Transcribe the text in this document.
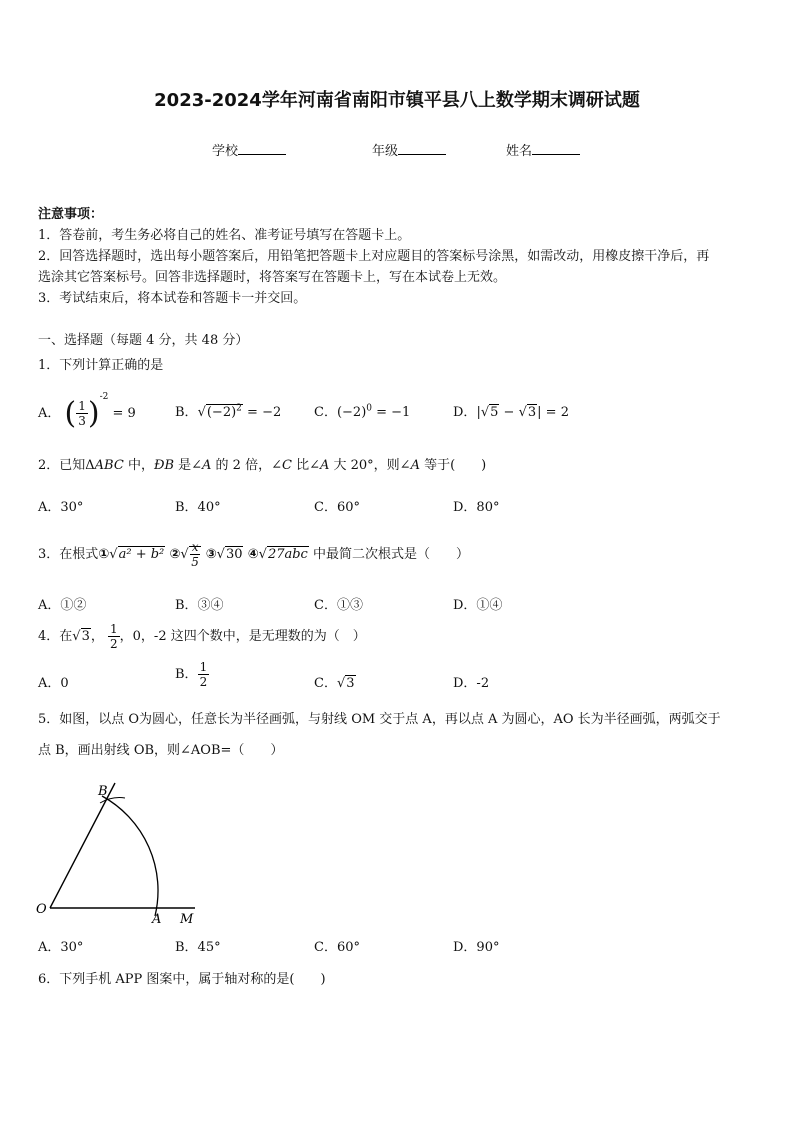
2023-2024学年河南省南阳市镇平县八上数学期末调研试题
学校	年级	姓名
注意事项：
1．答卷前，考生务必将自己的姓名、准考证号填写在答题卡上。
2．回答选择题时，选出每小题答案后，用铅笔把答题卡上对应题目的答案标号涂黑，如需改动，用橡皮擦干净后，再
选涂其它答案标号。回答非选择题时，将答案写在答题卡上，写在本试卷上无效。
3．考试结束后，将本试卷和答题卡一并交回。
一、选择题（每题 4 分，共 48 分）
1．下列计算正确的是
A． ( $\frac{1}{3} )^{-2} = 9$	B．$√(-2)^2 = -2$	C．$(-2)^0 = -1$	D．|√5 − √3| = 2
2．已知ΔABC 中，ÐB 是∠A 的 2 倍，∠C 比∠A 大 20°，则∠A 等于(　　)
A．30°	B．40°	C．60°	D．80°
3．在根式①√a² + b² ②√ $\frac{x}{5}$ ③√30 ④√27abc 中最简二次根式是（　　）
A．①②	B．③④	C．①③	D．①④
4．在√3， $\frac{1}{2}$ ，0，-2 这四个数中，是无理数的为（　）
A．0
B． $\frac{1}{2}$	C．√3	D．-2
5．如图，以点 O为圆心，任意长为半径画弧，与射线 OM 交于点 A，再以点 A 为圆心，AO 长为半径画弧，两弧交于
点 B，画出射线 OB，则∠AOB=（　　）
O
A M
B
A．30°	B．45°	C．60°	D．90°
6．下列手机 APP 图案中，属于轴对称的是(　　)
